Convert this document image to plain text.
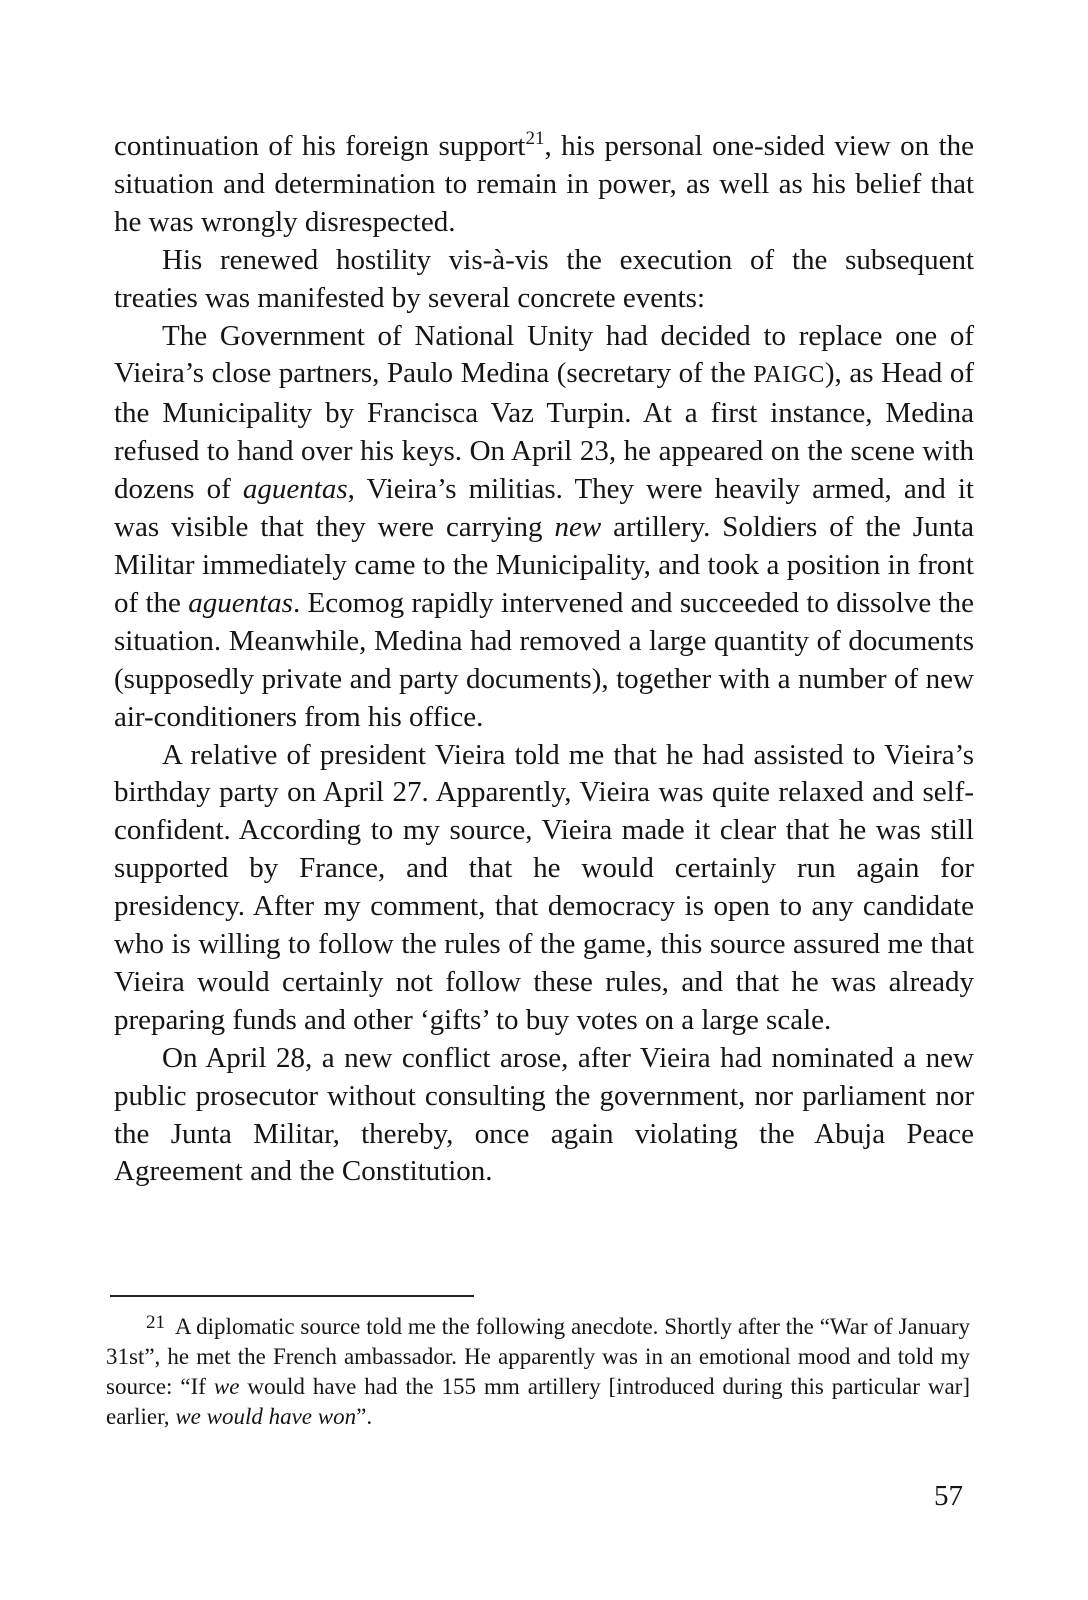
continuation of his foreign support$^{21}$, his personal one-sided view on the situation and determination to remain in power, as well as his belief that he was wrongly disrespected.

His renewed hostility vis-à-vis the execution of the subsequent treaties was manifested by several concrete events:

The Government of National Unity had decided to replace one of Vieira’s close partners, Paulo Medina (secretary of the PAIGC), as Head of the Municipality by Francisca Vaz Turpin. At a first instance, Medina refused to hand over his keys. On April 23, he appeared on the scene with dozens of aguentas, Vieira’s militias. They were heavily armed, and it was visible that they were carrying new artillery. Soldiers of the Junta Militar immediately came to the Municipality, and took a position in front of the aguentas. Ecomog rapidly intervened and succeeded to dissolve the situation. Meanwhile, Medina had removed a large quantity of documents (supposedly private and party documents), together with a number of new air-conditioners from his office.

A relative of president Vieira told me that he had assisted to Vieira’s birthday party on April 27. Apparently, Vieira was quite relaxed and self-confident. According to my source, Vieira made it clear that he was still supported by France, and that he would certainly run again for presidency. After my comment, that democracy is open to any candidate who is willing to follow the rules of the game, this source assured me that Vieira would certainly not follow these rules, and that he was already preparing funds and other ‘gifts’ to buy votes on a large scale.

On April 28, a new conflict arose, after Vieira had nominated a new public prosecutor without consulting the government, nor parliament nor the Junta Militar, thereby, once again violating the Abuja Peace Agreement and the Constitution.

$^{21}$ A diplomatic source told me the following anecdote. Shortly after the “War of January 31st”, he met the French ambassador. He apparently was in an emotional mood and told my source: “If we would have had the 155 mm artillery [introduced during this particular war] earlier, we would have won”.
57
